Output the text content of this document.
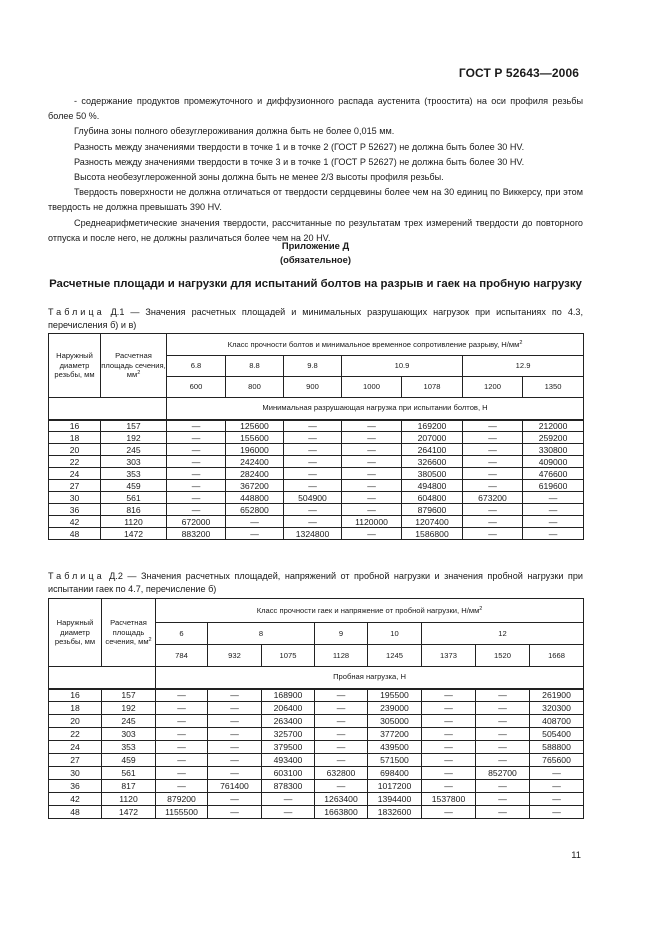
ГОСТ Р 52643—2006

- содержание продуктов промежуточного и диффузионного распада аустенита (троостита) на оси профиля резьбы более 50 %.

Глубина зоны полного обезуглероживания должна быть не более 0,015 мм.

Разность между значениями твердости в точке 1 и в точке 2 (ГОСТ Р 52627) не должна быть более 30 HV.

Разность между значениями твердости в точке 3 и в точке 1 (ГОСТ Р 52627) не должна быть более 30 HV.

Высота необезуглероженной зоны должна быть не менее 2/3 высоты профиля резьбы.

Твердость поверхности не должна отличаться от твердости сердцевины более чем на 30 единиц по Виккерсу, при этом твердость не должна превышать 390 HV.

Среднеарифметические значения твердости, рассчитанные по результатам трех измерений твердости до повторного отпуска и после него, не должны различаться более чем на 20 HV.

Приложение Д
(обязательное)
Расчетные площади и нагрузки для испытаний болтов на разрыв и гаек на пробную нагрузку
Таблица Д.1 — Значения расчетных площадей и минимальных разрушающих нагрузок при испытаниях по 4.3, перечисления б) и в)
Наружный диаметр резьбы, мм	Расчетная площадь сечения, $мм^2$	Класс прочности болтов и минимальное временное сопротивление разрыву, $Н/мм^2$
		6.8	8.8	9.8	10.9		12.9	
		600	800	900	1000	1078	1200	1350
		Минимальная разрушающая нагрузка при испытании болтов, Н						
16	157	—	125600	—	—	169200	—	212000
18	192	—	155600	—	—	207000	—	259200
20	245	—	196000	—	—	264100	—	330800
22	303	—	242400	—	—	326600	—	409000
24	353	—	282400	—	—	380500	—	476600
27	459	—	367200	—	—	494800	—	619600
30	561	—	448800	504900	—	604800	673200	—
36	816	—	652800	—	—	879600	—	—
42	1120	672000	—	—	1120000	1207400	—	—
48	1472	883200	—	1324800	—	1586800	—	—
Таблица Д.2 — Значения расчетных площадей, напряжений от пробной нагрузки и значения пробной нагрузки при испытании гаек по 4.7, перечисление б)
Наружный диаметр резьбы, мм	Расчетная площадь сечения, $мм^2$	Класс прочности гаек и напряжение от пробной нагрузки, $Н/мм^2$
		6	8		9	10	12		
		784	932	1075	1128	1245	1373	1520	1668
		Пробная нагрузка, Н							
16	157	—	—	168900	—	195500	—	—	261900
18	192	—	—	206400	—	239000	—	—	320300
20	245	—	—	263400	—	305000	—	—	408700
22	303	—	—	325700	—	377200	—	—	505400
24	353	—	—	379500	—	439500	—	—	588800
27	459	—	—	493400	—	571500	—	—	765600
30	561	—	—	603100	632800	698400	—	852700	—
36	817	—	761400	878300	—	1017200	—	—	—
42	1120	879200	—	—	1263400	1394400	1537800	—	—
48	1472	1155500	—	—	1663800	1832600	—	—	—
11
